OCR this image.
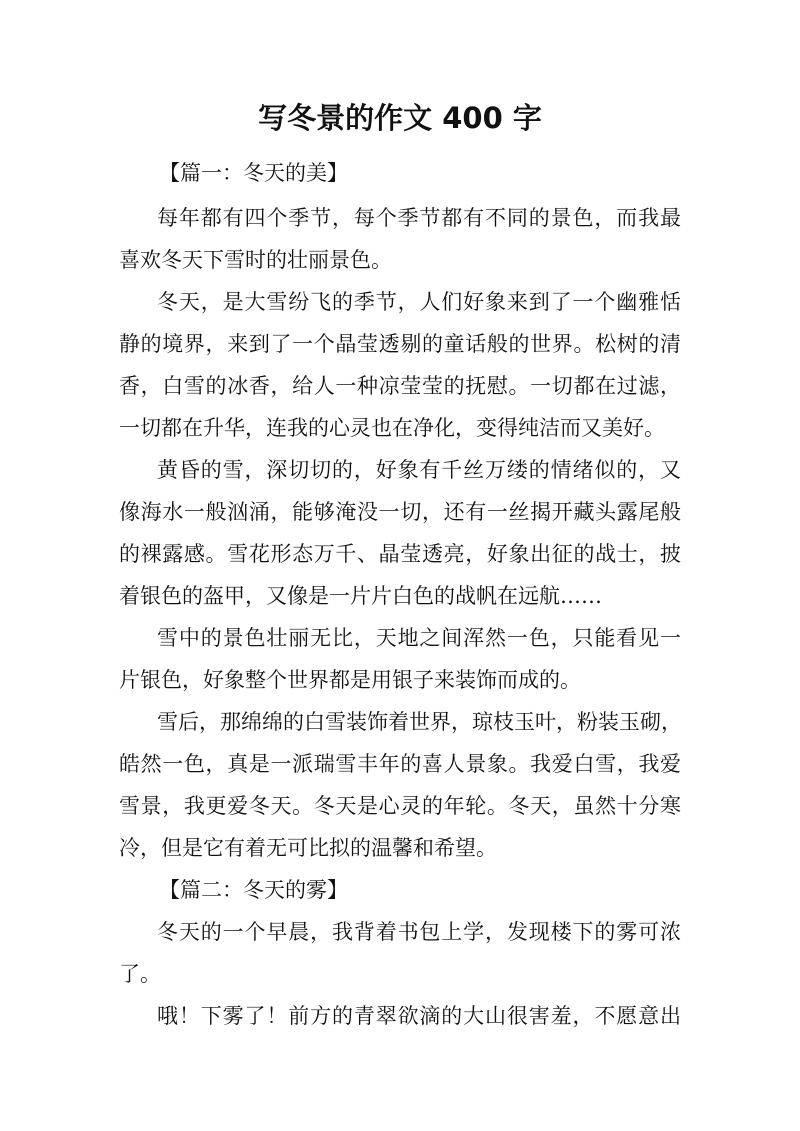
写冬景的作文 400 字
【篇一：冬天的美】
每年都有四个季节，每个季节都有不同的景色，而我最
喜欢冬天下雪时的壮丽景色。
冬天，是大雪纷飞的季节，人们好象来到了一个幽雅恬
静的境界，来到了一个晶莹透剔的童话般的世界。松树的清
香，白雪的冰香，给人一种凉莹莹的抚慰。一切都在过滤，
一切都在升华，连我的心灵也在净化，变得纯洁而又美好。
黄昏的雪，深切切的，好象有千丝万缕的情绪似的，又
像海水一般汹涌，能够淹没一切，还有一丝揭开藏头露尾般
的裸露感。雪花形态万千、晶莹透亮，好象出征的战士，披
着银色的盔甲，又像是一片片白色的战帆在远航……
雪中的景色壮丽无比，天地之间浑然一色，只能看见一
片银色，好象整个世界都是用银子来装饰而成的。
雪后，那绵绵的白雪装饰着世界，琼枝玉叶，粉装玉砌，
皓然一色，真是一派瑞雪丰年的喜人景象。我爱白雪，我爱
雪景，我更爱冬天。冬天是心灵的年轮。冬天，虽然十分寒
冷，但是它有着无可比拟的温馨和希望。
【篇二：冬天的雾】
冬天的一个早晨，我背着书包上学，发现楼下的雾可浓
了。
哦！下雾了！前方的青翠欲滴的大山很害羞，不愿意出
